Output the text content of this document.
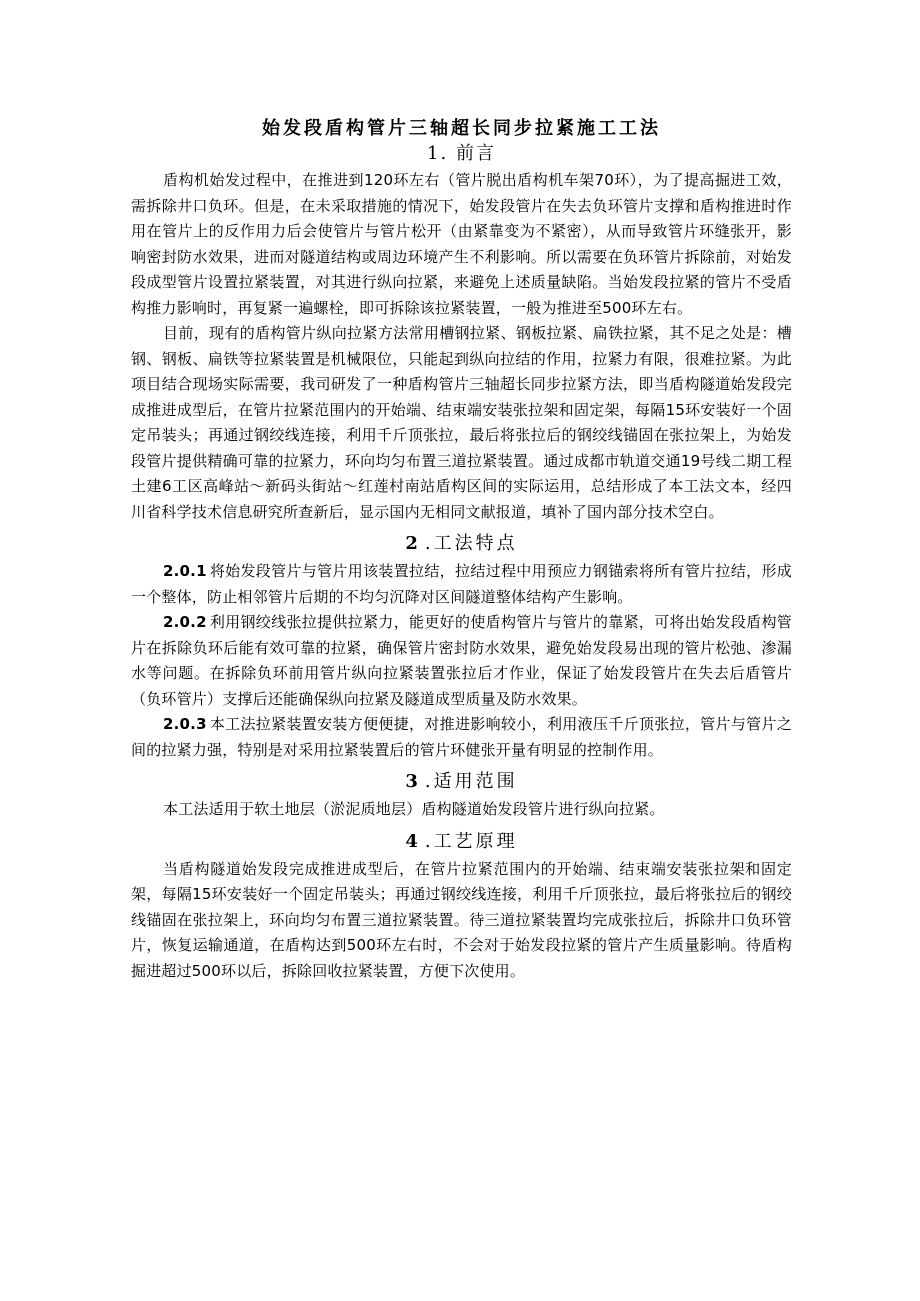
始发段盾构管片三轴超长同步拉紧施工工法
1. 前言

盾构机始发过程中，在推进到120环左右（管片脱出盾构机车架70环），为了提高掘进工效，需拆除井口负环。但是，在未采取措施的情况下，始发段管片在失去负环管片支撑和盾构推进时作用在管片上的反作用力后会使管片与管片松开（由紧靠变为不紧密），从而导致管片环缝张开，影响密封防水效果，进而对隧道结构或周边环境产生不利影响。所以需要在负环管片拆除前，对始发段成型管片设置拉紧装置，对其进行纵向拉紧，来避免上述质量缺陷。当始发段拉紧的管片不受盾构推力影响时，再复紧一遍螺栓，即可拆除该拉紧装置，一般为推进至500环左右。

目前，现有的盾构管片纵向拉紧方法常用槽钢拉紧、钢板拉紧、扁铁拉紧，其不足之处是：槽钢、钢板、扁铁等拉紧装置是机械限位，只能起到纵向拉结的作用，拉紧力有限，很难拉紧。为此项目结合现场实际需要，我司研发了一种盾构管片三轴超长同步拉紧方法，即当盾构隧道始发段完成推进成型后，在管片拉紧范围内的开始端、结束端安装张拉架和固定架，每隔15环安装好一个固定吊装头；再通过钢绞线连接，利用千斤顶张拉，最后将张拉后的钢绞线锚固在张拉架上，为始发段管片提供精确可靠的拉紧力，环向均匀布置三道拉紧装置。通过成都市轨道交通19号线二期工程土建6工区高峰站～新码头街站～红莲村南站盾构区间的实际运用，总结形成了本工法文本，经四川省科学技术信息研究所查新后，显示国内无相同文献报道，填补了国内部分技术空白。

2 .工法特点

2.0.1 将始发段管片与管片用该装置拉结，拉结过程中用预应力钢锚索将所有管片拉结，形成一个整体，防止相邻管片后期的不均匀沉降对区间隧道整体结构产生影响。

2.0.2 利用钢绞线张拉提供拉紧力，能更好的使盾构管片与管片的靠紧，可将出始发段盾构管片在拆除负环后能有效可靠的拉紧，确保管片密封防水效果，避免始发段易出现的管片松弛、渗漏水等问题。在拆除负环前用管片纵向拉紧装置张拉后才作业，保证了始发段管片在失去后盾管片（负环管片）支撑后还能确保纵向拉紧及隧道成型质量及防水效果。

2.0.3 本工法拉紧装置安装方便便捷，对推进影响较小，利用液压千斤顶张拉，管片与管片之间的拉紧力强，特别是对采用拉紧装置后的管片环健张开量有明显的控制作用。

3 .适用范围

本工法适用于软土地层（淤泥质地层）盾构隧道始发段管片进行纵向拉紧。

4 .工艺原理

当盾构隧道始发段完成推进成型后，在管片拉紧范围内的开始端、结束端安装张拉架和固定架，每隔15环安装好一个固定吊装头；再通过钢绞线连接，利用千斤顶张拉，最后将张拉后的钢绞线锚固在张拉架上，环向均匀布置三道拉紧装置。待三道拉紧装置均完成张拉后，拆除井口负环管片，恢复运输通道，在盾构达到500环左右时，不会对于始发段拉紧的管片产生质量影响。待盾构掘进超过500环以后，拆除回收拉紧装置，方便下次使用。
